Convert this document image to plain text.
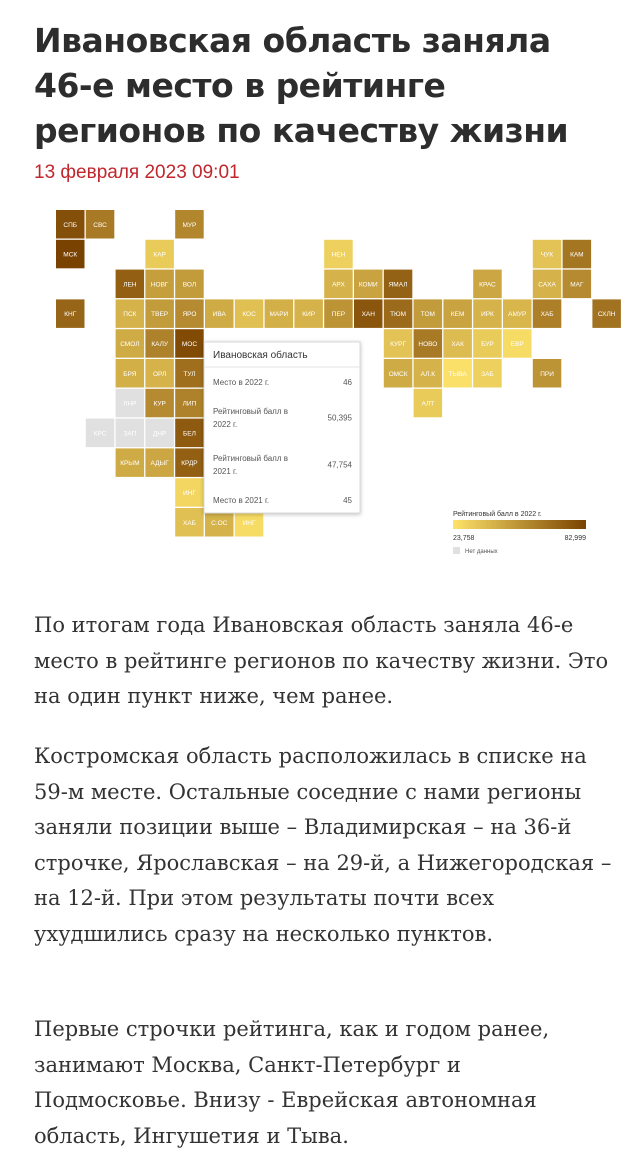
Ивановская область заняла 46-е место в рейтинге регионов по качеству жизни
13 февраля 2023 09:01
СПБ СВС	МУР
МСК	КАР	НЕН	ЧУК	КАМ
ЛЕН НОВГ ВОЛ	АРХ КОМИ ЯМАЛ	КРАС	САХА МАГ
КНГ	ПСК ТВЕР ЯРО	ИВА	КОС МАРИ КИР	ПЕР	ХАН ТЮМ ТОМ КЕМ	ИРК АМУР ХАБ	СХЛН
СМОЛ КАЛУ МОС	КУРГ НОВО ХАК	БУР	ЕВР
БРЯ	ОРЛ	ТУЛ	ОМСК АЛ.К ТЫВА ЗАБ	ПРИ
ЛНР	КУР	ЛИП	АЛТ
КРС	ЗАП	ДНР	БЕЛ
КРЫМ АДЫГ КРДР
ИНГ
ХАБ С.ОС ИНГ
Ивановская область
Место в 2022 г.	46
Рейтинговый балл в 2022 г.
50,395
Рейтинговый балл в 2021 г.
47,754
Место в 2021 г.	45
Рейтинговый балл в 2022 г.
23,758	82,999
Нет данных

По итогам года Ивановская область заняла 46-е место в рейтинге регионов по качеству жизни. Это на один пункт ниже, чем ранее.

Костромская область расположилась в списке на 59-м месте. Остальные соседние с нами регионы заняли позиции выше – Владимирская – на 36-й строчке, Ярославская – на 29-й, а Нижегородская – на 12-й. При этом результаты почти всех ухудшились сразу на несколько пунктов.

Первые строчки рейтинга, как и годом ранее, занимают Москва, Санкт-Петербург и Подмосковье. Внизу - Еврейская автономная область, Ингушетия и Тыва.
